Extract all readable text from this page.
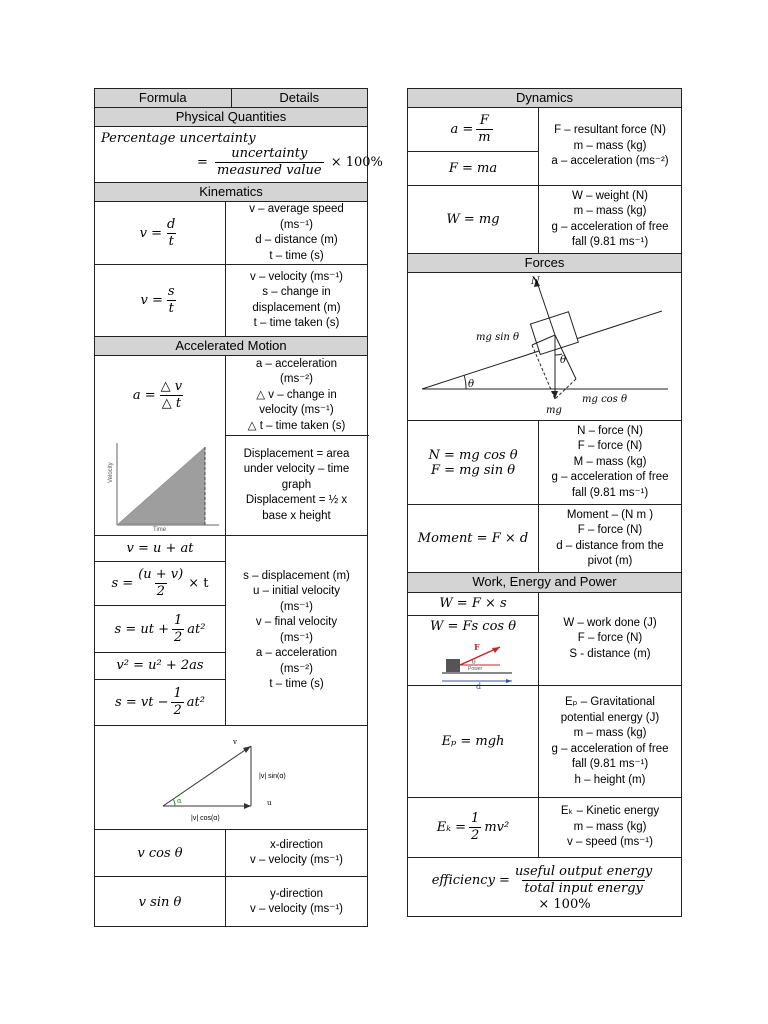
Formula	Details
Physical Quantities
Percentage uncertainty
= $\frac{\text{uncertainty}}{\text{measured value}} \times 100\%$
Kinematics
$v = \frac{d}{t}$
v – average speed
(ms⁻¹)
d – distance (m)
t – time (s)
$v = \frac{s}{t}$
v – velocity (ms⁻¹)
s – change in
displacement (m)
t – time taken (s)
Accelerated Motion
$a = \frac{\triangle v}{\triangle t}$
a – acceleration
(ms⁻²)
△ v – change in
velocity (ms⁻¹)
△ t – time taken (s)
Velocity
Time
Displacement = area
under velocity – time
graph
Displacement = ½ x
base x height
v = u + at
$s = \frac{(u + v)}{2} \times t$
s = ut + $\frac{1}{2} at^2$
v² = u² + 2as
s = vt − $\frac{1}{2} at^2$
s – displacement (m)
u – initial velocity
(ms⁻¹)
v – final velocity
(ms⁻¹)
a – acceleration
(ms⁻²)
t – time (s)
α
v
|v| sin(α)
u
|v| cos(α)
v cos θ
x-direction
v – velocity (ms⁻¹)
v sin θ
y-direction
v – velocity (ms⁻¹)
Dynamics
$a = \frac{F}{m}$
F = ma
F – resultant force (N)
m – mass (kg)
a – acceleration (ms⁻²)
W = mg
W – weight (N)
m – mass (kg)
g – acceleration of free
fall (9.81 ms⁻¹)
Forces
N
mg sin θ
θ
θ
mg
mg cos θ
N = mg cos θ
F = mg sin θ
N – force (N)
F – force (N)
M – mass (kg)
g – acceleration of free
fall (9.81 ms⁻¹)
Moment = F × d
Moment – (N m )
F – force (N)
d – distance from the
pivot (m)
Work, Energy and Power
W = F × s
W = Fs cos θ
F
θ
Power
d
W – work done (J)
F – force (N)
S - distance (m)
Eₚ = mgh
Eₚ – Gravitational
potential energy (J)
m – mass (kg)
g – acceleration of free
fall (9.81 ms⁻¹)
h – height (m)
$E_k = \frac{1}{2} mv^2$
Eₖ – Kinetic energy
m – mass (kg)
v – speed (ms⁻¹)
efficiency = $\frac{\text{useful output energy}}{\text{total input energy}}$
× 100%
